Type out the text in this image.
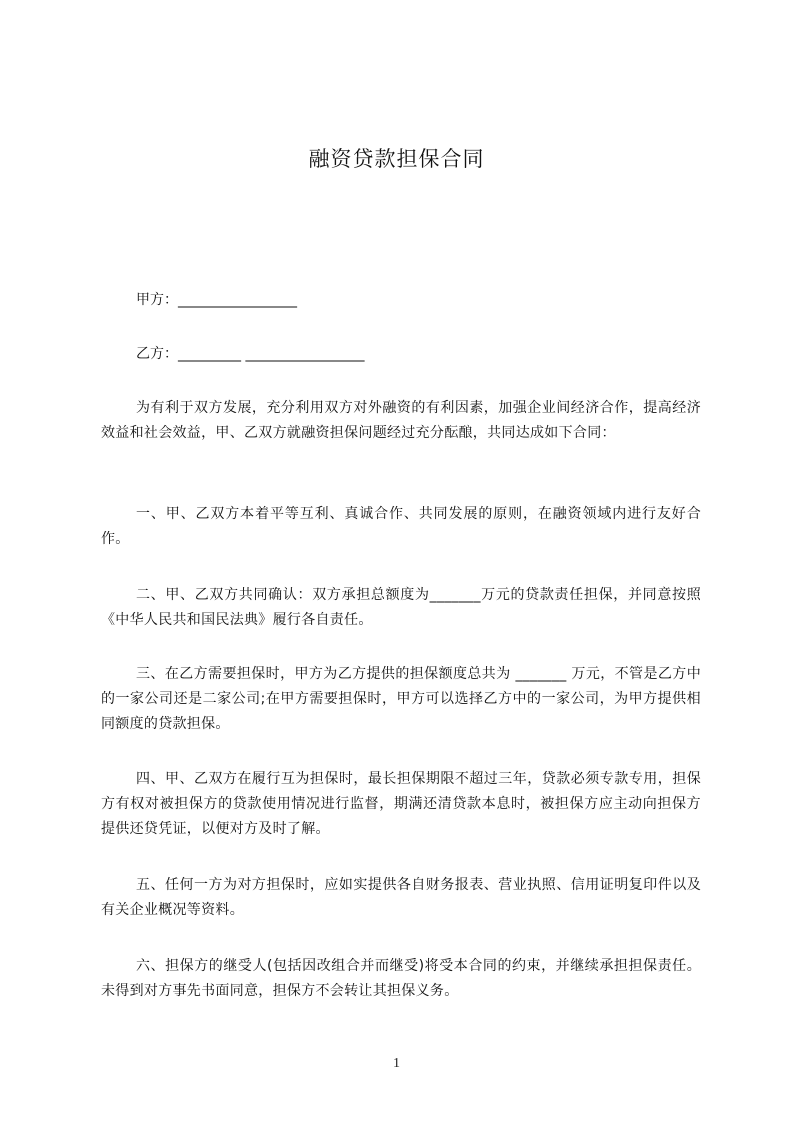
融资贷款担保合同
甲方：_________________
乙方：_________ _________________

为有利于双方发展，充分利用双方对外融资的有利因素，加强企业间经济合作，提高经济效益和社会效益，甲、乙双方就融资担保问题经过充分酝酿，共同达成如下合同：

一、甲、乙双方本着平等互利、真诚合作、共同发展的原则，在融资领域内进行友好合作。

二、甲、乙双方共同确认：双方承担总额度为_______万元的贷款责任担保，并同意按照《中华人民共和国民法典》履行各自责任。

三、在乙方需要担保时，甲方为乙方提供的担保额度总共为 _______ 万元，不管是乙方中的一家公司还是二家公司;在甲方需要担保时，甲方可以选择乙方中的一家公司，为甲方提供相同额度的贷款担保。

四、甲、乙双方在履行互为担保时，最长担保期限不超过三年，贷款必须专款专用，担保方有权对被担保方的贷款使用情况进行监督，期满还清贷款本息时，被担保方应主动向担保方提供还贷凭证，以便对方及时了解。

五、任何一方为对方担保时，应如实提供各自财务报表、营业执照、信用证明复印件以及有关企业概况等资料。

六、担保方的继受人(包括因改组合并而继受)将受本合同的约束，并继续承担担保责任。未得到对方事先书面同意，担保方不会转让其担保义务。

1
